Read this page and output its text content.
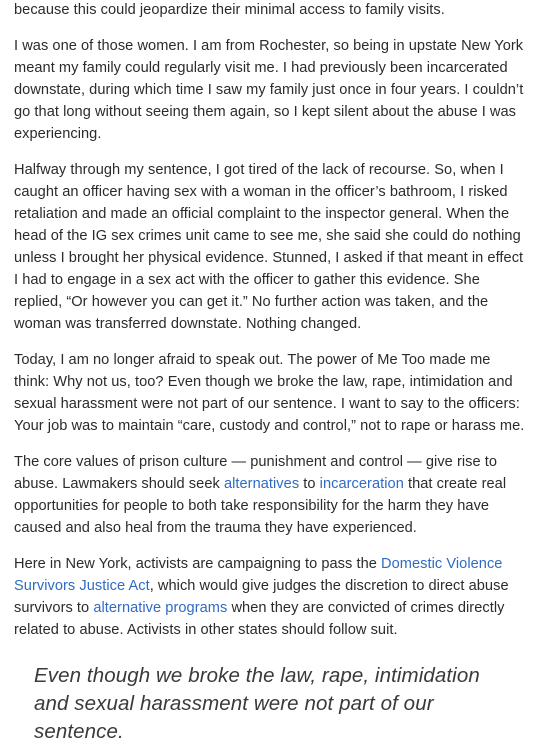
because this could jeopardize their minimal access to family visits.

I was one of those women. I am from Rochester, so being in upstate New York meant my family could regularly visit me. I had previously been incarcerated downstate, during which time I saw my family just once in four years. I couldn’t go that long without seeing them again, so I kept silent about the abuse I was experiencing.

Halfway through my sentence, I got tired of the lack of recourse. So, when I caught an officer having sex with a woman in the officer’s bathroom, I risked retaliation and made an official complaint to the inspector general. When the head of the IG sex crimes unit came to see me, she said she could do nothing unless I brought her physical evidence. Stunned, I asked if that meant in effect I had to engage in a sex act with the officer to gather this evidence. She replied, “Or however you can get it.” No further action was taken, and the woman was transferred downstate. Nothing changed.

Today, I am no longer afraid to speak out. The power of Me Too made me think: Why not us, too? Even though we broke the law, rape, intimidation and sexual harassment were not part of our sentence. I want to say to the officers: Your job was to maintain “care, custody and control,” not to rape or harass me.

The core values of prison culture — punishment and control — give rise to abuse. Lawmakers should seek alternatives to incarceration that create real opportunities for people to both take responsibility for the harm they have caused and also heal from the trauma they have experienced.

Here in New York, activists are campaigning to pass the Domestic Violence Survivors Justice Act, which would give judges the discretion to direct abuse survivors to alternative programs when they are convicted of crimes directly related to abuse. Activists in other states should follow suit.

Even though we broke the law, rape, intimidation and sexual harassment were not part of our sentence.
